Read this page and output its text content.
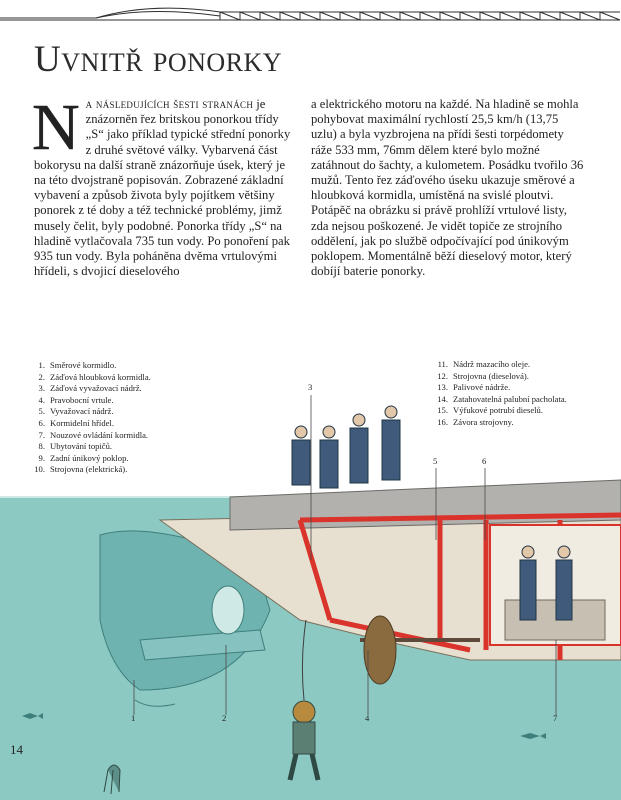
Uvnitř ponorky
Na následujících šesti stranách je znázorněn řez britskou ponorkou třídy „S“ jako příklad typické střední ponorky z druhé světové války. Vybarvená část bokorysu na další straně znázorňuje úsek, který je na této dvojstraně popisován. Zobrazené základní vybavení a způsob života byly pojítkem většiny ponorek z té doby a též technické problémy, jimž musely čelit, byly podobné. Ponorka třídy „S“ na hladině vytlačovala 735 tun vody. Po ponoření pak 935 tun vody. Byla poháněna dvěma vrtulovými hřídeli, s dvojicí dieselového
a elektrického motoru na každé. Na hladině se mohla pohybovat maximální rychlostí 25,5 km/h (13,75 uzlu) a byla vyzbrojena na přídi šesti torpédomety ráže 533 mm, 76mm dělem které bylo možné zatáhnout do šachty, a kulometem. Posádku tvořilo 36 mužů. Tento řez záďového úseku ukazuje směrové a hloubková kormidla, umístěná na svislé ploutvi. Potápěč na obrázku si právě prohlíží vrtulové listy, zda nejsou poškozené. Je vidět topiče ze strojního oddělení, jak po službě odpočívající pod únikovým poklopem. Momentálně běží dieselový motor, který dobíjí baterie ponorky.
3
5	6
1	2	4	7
1. Směrové kormidlo.
2. Záďová hloubková kormidla.
3. Záďová vyvažovací nádrž.
4. Pravobocní vrtule.
5. Vyvažovací nádrž.
6. Kormidelní hřídel.
7. Nouzové ovládání kormidla.
8. Ubytování topičů.
9. Zadní únikový poklop.
10. Strojovna (elektrická).
11. Nádrž mazacího oleje.
12. Strojovna (dieselová).
13. Palivové nádrže.
14. Zatahovatelná palubní pacholata.
15. Výfukové potrubí dieselů.
16. Závora strojovny.
14
